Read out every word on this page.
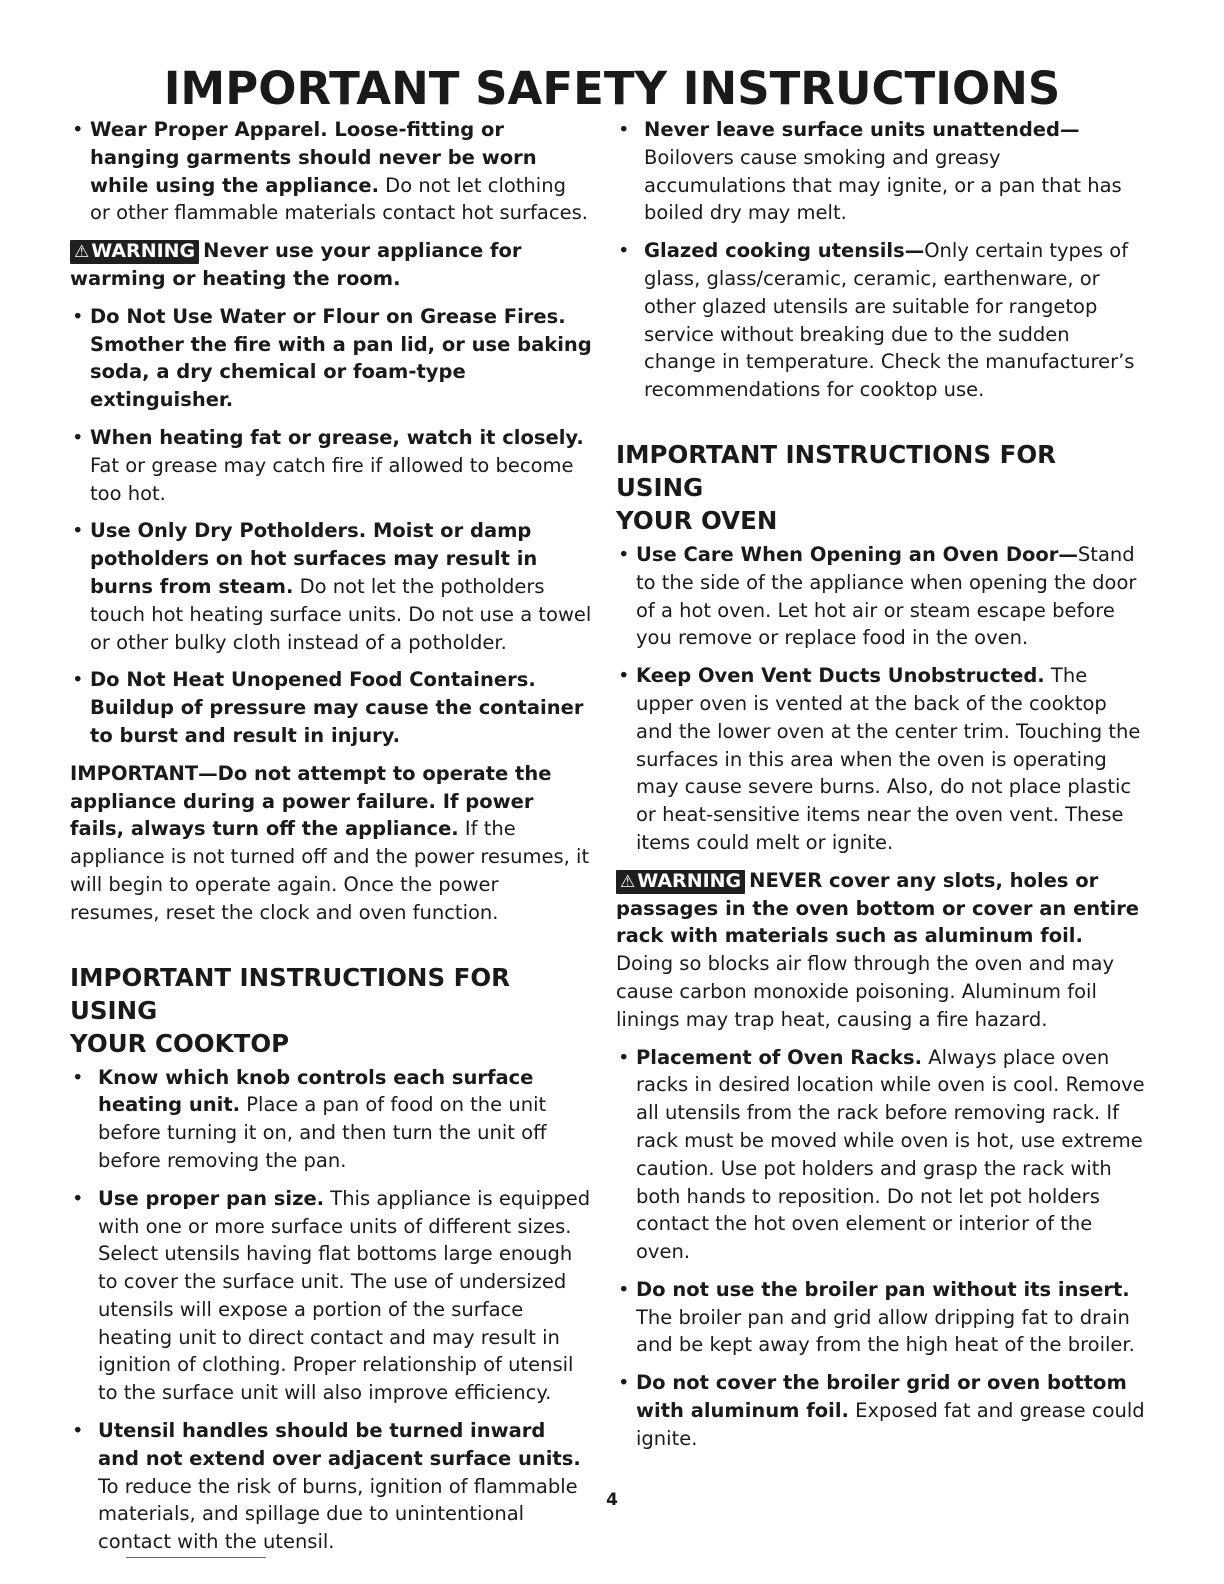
IMPORTANT SAFETY INSTRUCTIONS
• Wear Proper Apparel. Loose-fitting or hanging garments should never be worn while using the appliance. Do not let clothing or other flammable materials contact hot surfaces.
⚠ WARNING Never use your appliance for warming or heating the room.
• Do Not Use Water or Flour on Grease Fires. Smother the fire with a pan lid, or use baking soda, a dry chemical or foam-type extinguisher.
• When heating fat or grease, watch it closely. Fat or grease may catch fire if allowed to become too hot.
• Use Only Dry Potholders. Moist or damp potholders on hot surfaces may result in burns from steam. Do not let the potholders touch hot heating surface units. Do not use a towel or other bulky cloth instead of a potholder.
• Do Not Heat Unopened Food Containers. Buildup of pressure may cause the container to burst and result in injury.
IMPORTANT—Do not attempt to operate the appliance during a power failure. If power fails, always turn off the appliance. If the appliance is not turned off and the power resumes, it will begin to operate again. Once the power resumes, reset the clock and oven function.
IMPORTANT INSTRUCTIONS FOR USING
YOUR COOKTOP
• Know which knob controls each surface heating unit. Place a pan of food on the unit before turning it on, and then turn the unit off before removing the pan.
• Use proper pan size. This appliance is equipped with one or more surface units of different sizes. Select utensils having flat bottoms large enough to cover the surface unit. The use of undersized utensils will expose a portion of the surface heating unit to direct contact and may result in ignition of clothing. Proper relationship of utensil to the surface unit will also improve efficiency.
• Utensil handles should be turned inward and not extend over adjacent surface units. To reduce the risk of burns, ignition of flammable materials, and spillage due to unintentional contact with the utensil.
• Never leave surface units unattended—
Boilovers cause smoking and greasy accumulations that may ignite, or a pan that has boiled dry may melt.
• Glazed cooking utensils—Only certain types of glass, glass/ceramic, ceramic, earthenware, or other glazed utensils are suitable for rangetop service without breaking due to the sudden change in temperature. Check the manufacturer’s recommendations for cooktop use.
IMPORTANT INSTRUCTIONS FOR USING
YOUR OVEN
• Use Care When Opening an Oven Door—Stand to the side of the appliance when opening the door of a hot oven. Let hot air or steam escape before you remove or replace food in the oven.
• Keep Oven Vent Ducts Unobstructed. The upper oven is vented at the back of the cooktop and the lower oven at the center trim. Touching the surfaces in this area when the oven is operating may cause severe burns. Also, do not place plastic or heat-sensitive items near the oven vent. These items could melt or ignite.
⚠ WARNING NEVER cover any slots, holes or passages in the oven bottom or cover an entire rack with materials such as aluminum foil. Doing so blocks air flow through the oven and may cause carbon monoxide poisoning. Aluminum foil linings may trap heat, causing a fire hazard.
• Placement of Oven Racks. Always place oven racks in desired location while oven is cool. Remove all utensils from the rack before removing rack. If rack must be moved while oven is hot, use extreme caution. Use pot holders and grasp the rack with both hands to reposition. Do not let pot holders contact the hot oven element or interior of the oven.
• Do not use the broiler pan without its insert. The broiler pan and grid allow dripping fat to drain and be kept away from the high heat of the broiler.
• Do not cover the broiler grid or oven bottom with aluminum foil. Exposed fat and grease could ignite.
4
